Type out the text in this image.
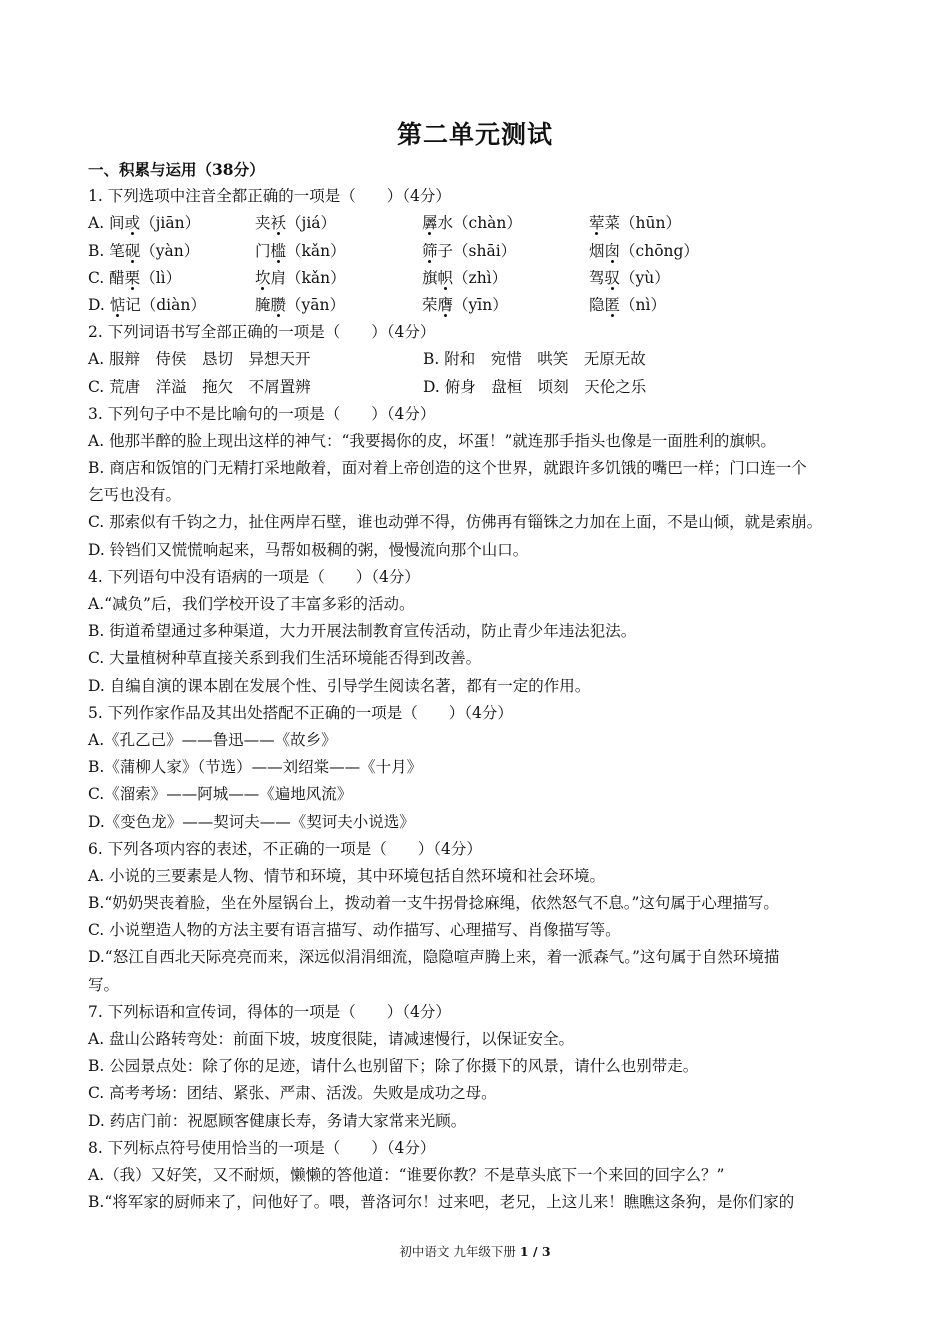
第二单元测试
一、积累与运用（38分）
1. 下列选项中注音全都正确的一项是（　　）（4分）
A. 间或（jiān）	夹袄（jiá）	羼水（chàn）	荤菜（hūn）
B. 笔砚（yàn）	门槛（kǎn）	筛子（shāi）	烟囱（chōng）
C. 醋栗（lì）	坎肩（kǎn）	旗帜（zhì）	驾驭（yù）
D. 惦记（diàn）	腌臜（yān）	荣膺（yīn）	隐匿（nì）
2. 下列词语书写全部正确的一项是（　　）（4分）
A. 服辩　侍侯　恳切　异想天开	B. 附和　宛惜　哄笑　无原无故
C. 荒唐　洋溢　拖欠　不屑置辨	D. 俯身　盘桓　顷刻　天伦之乐
3. 下列句子中不是比喻句的一项是（　　）（4分）
A. 他那半醉的脸上现出这样的神气：“我要揭你的皮，坏蛋！”就连那手指头也像是一面胜利的旗帜。
B. 商店和饭馆的门无精打采地敞着，面对着上帝创造的这个世界，就跟许多饥饿的嘴巴一样；门口连一个
乞丐也没有。
C. 那索似有千钧之力，扯住两岸石壁，谁也动弹不得，仿佛再有锱铢之力加在上面，不是山倾，就是索崩。
D. 铃铛们又慌慌响起来，马帮如极稠的粥，慢慢流向那个山口。
4. 下列语句中没有语病的一项是（　　）（4分）
A.“减负”后，我们学校开设了丰富多彩的活动。
B. 街道希望通过多种渠道，大力开展法制教育宣传活动，防止青少年违法犯法。
C. 大量植树种草直接关系到我们生活环境能否得到改善。
D. 自编自演的课本剧在发展个性、引导学生阅读名著，都有一定的作用。
5. 下列作家作品及其出处搭配不正确的一项是（　　）（4分）
A.《孔乙己》——鲁迅——《故乡》
B.《蒲柳人家》（节选）——刘绍棠——《十月》
C.《溜索》——阿城——《遍地风流》
D.《变色龙》——契诃夫——《契诃夫小说选》
6. 下列各项内容的表述，不正确的一项是（　　）（4分）
A. 小说的三要素是人物、情节和环境，其中环境包括自然环境和社会环境。
B.“奶奶哭丧着脸，坐在外屋锅台上，拨动着一支牛拐骨捻麻绳，依然怒气不息。”这句属于心理描写。
C. 小说塑造人物的方法主要有语言描写、动作描写、心理描写、肖像描写等。
D.“怒江自西北天际亮亮而来，深远似涓涓细流，隐隐喧声腾上来，着一派森气。”这句属于自然环境描
写。
7. 下列标语和宣传词，得体的一项是（　　）（4分）
A. 盘山公路转弯处：前面下坡，坡度很陡，请减速慢行，以保证安全。
B. 公园景点处：除了你的足迹，请什么也别留下；除了你摄下的风景，请什么也别带走。
C. 高考考场：团结、紧张、严肃、活泼。失败是成功之母。
D. 药店门前：祝愿顾客健康长寿，务请大家常来光顾。
8. 下列标点符号使用恰当的一项是（　　）（4分）
A.（我）又好笑，又不耐烦，懒懒的答他道：“谁要你教？不是草头底下一个来回的回字么？”
B.“将军家的厨师来了，问他好了。喂，普洛诃尔！过来吧，老兄，上这儿来！瞧瞧这条狗，是你们家的
初中语文 九年级下册 1 / 3
